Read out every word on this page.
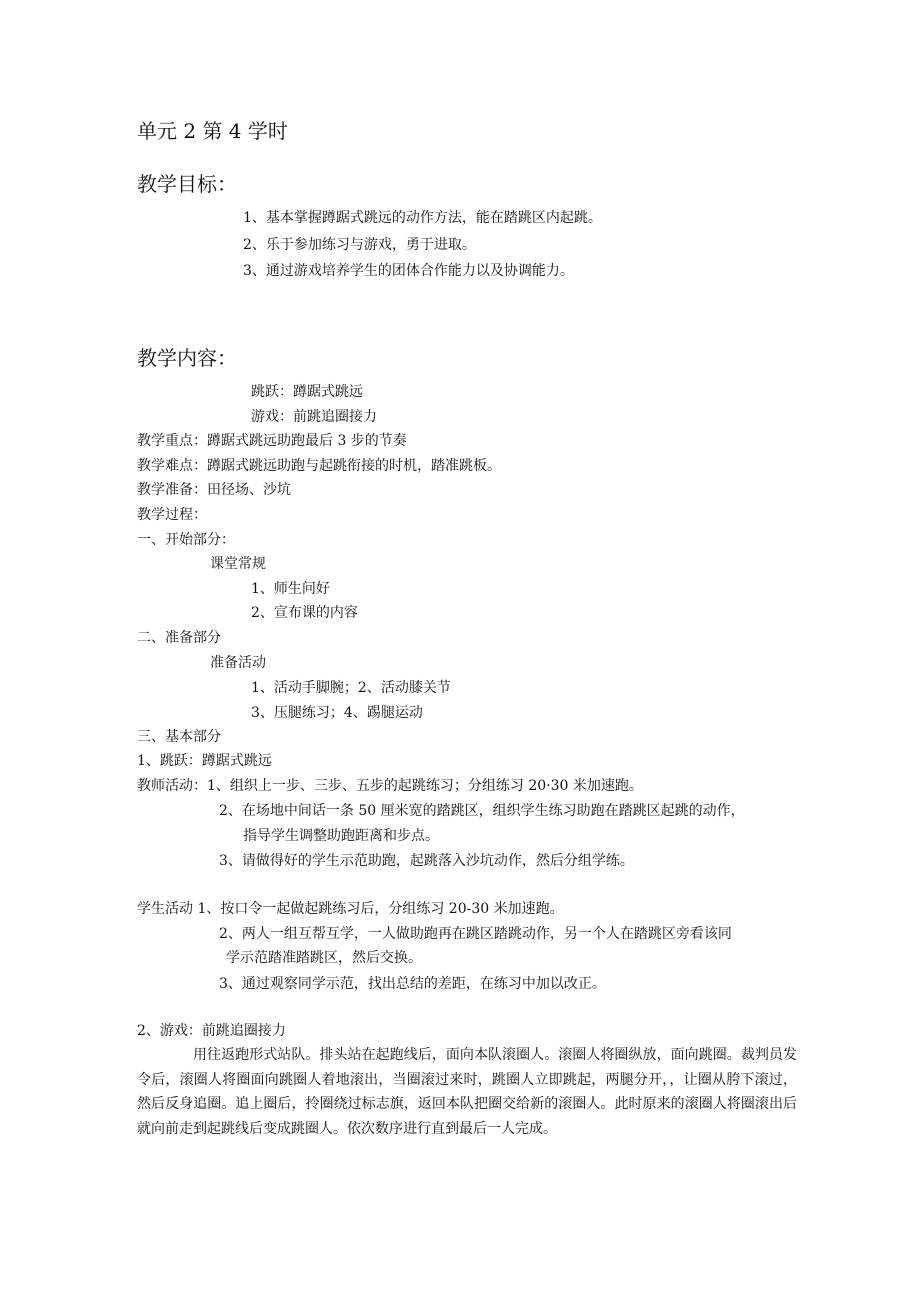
单元 2 第 4 学时
教学目标：
1、基本掌握蹲踞式跳远的动作方法，能在踏跳区内起跳。
2、乐于参加练习与游戏，勇于进取。
3、通过游戏培养学生的团体合作能力以及协调能力。
教学内容：
跳跃：蹲踞式跳远
游戏：前跳追圈接力
教学重点：蹲踞式跳远助跑最后 3 步的节奏
教学难点：蹲踞式跳远助跑与起跳衔接的时机，踏准跳板。
教学准备：田径场、沙坑
教学过程：
一、开始部分：
课堂常规
1、师生问好
2、宣布课的内容
二、准备部分
准备活动
1、活动手脚腕；2、活动膝关节
3、压腿练习；4、踢腿运动
三、基本部分
1、跳跃：蹲踞式跳远
教师活动：1、组织上一步、三步、五步的起跳练习；分组练习 20·30 米加速跑。
2、在场地中间话一条 50 厘米宽的踏跳区，组织学生练习助跑在踏跳区起跳的动作，
指导学生调整助跑距离和步点。
3、请做得好的学生示范助跑，起跳落入沙坑动作，然后分组学练。
学生活动 1、按口令一起做起跳练习后，分组练习 20-30 米加速跑。
2、两人一组互帮互学，一人做助跑再在跳区踏跳动作，另一个人在踏跳区旁看该同
学示范踏准踏跳区，然后交换。
3、通过观察同学示范，找出总结的差距，在练习中加以改正。
2、游戏：前跳追圈接力
用往返跑形式站队。排头站在起跑线后，面向本队滚圈人。滚圈人将圈纵放，面向跳圈。裁判员发令后，滚圈人将圈面向跳圈人着地滚出，当圈滚过来时，跳圈人立即跳起，两腿分开，，让圈从胯下滚过，然后反身追圈。追上圈后，拎圈绕过标志旗，返回本队把圈交给新的滚圈人。此时原来的滚圈人将圈滚出后就向前走到起跳线后变成跳圈人。依次数序进行直到最后一人完成。
